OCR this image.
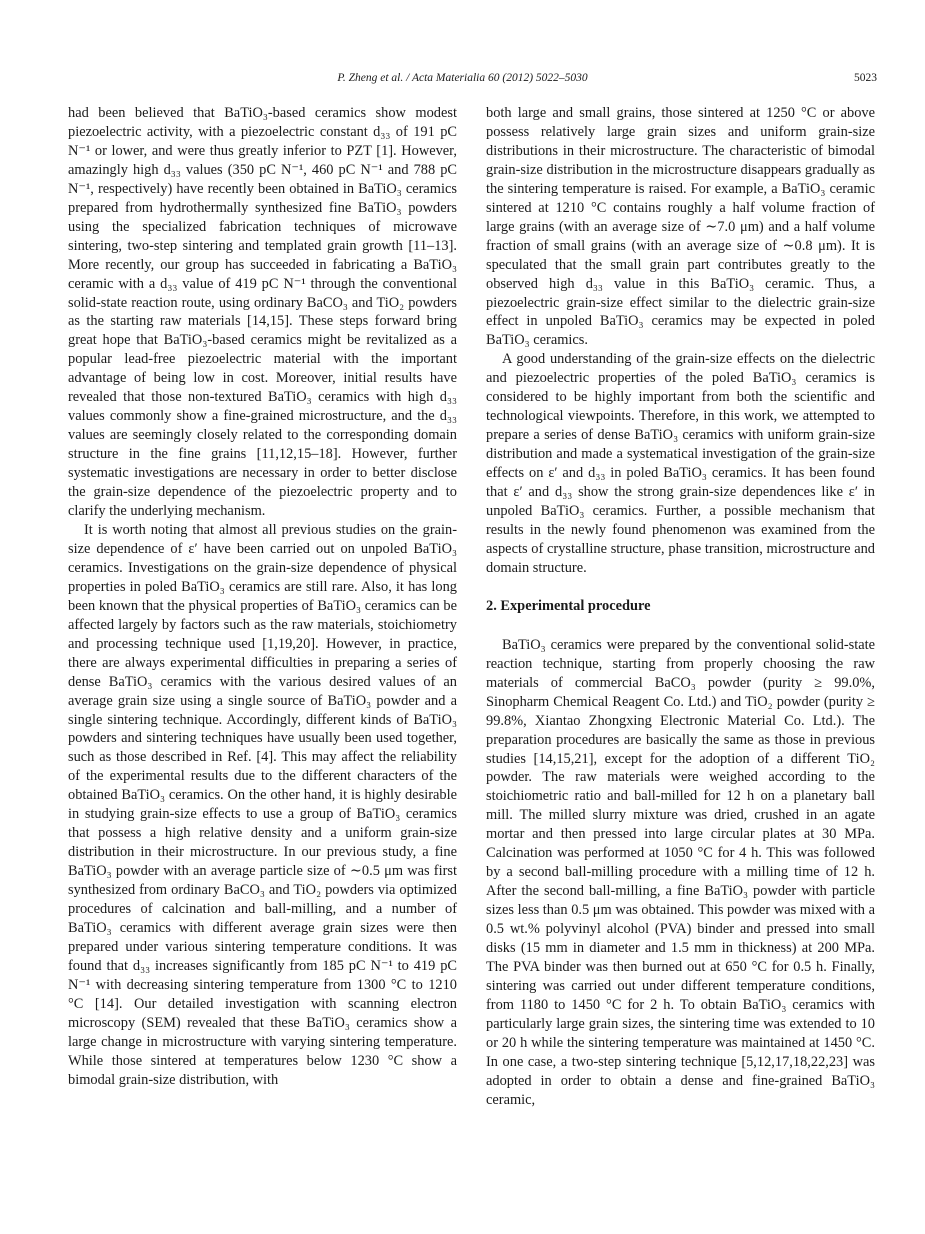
P. Zheng et al. / Acta Materialia 60 (2012) 5022–5030	5023

had been believed that BaTiO₃-based ceramics show modest piezoelectric activity, with a piezoelectric constant d₃₃ of 191 pC N⁻¹ or lower, and were thus greatly inferior to PZT [1]. However, amazingly high d₃₃ values (350 pC N⁻¹, 460 pC N⁻¹ and 788 pC N⁻¹, respectively) have recently been obtained in BaTiO₃ ceramics prepared from hydrothermally synthesized fine BaTiO₃ powders using the specialized fabrication techniques of microwave sintering, two-step sintering and templated grain growth [11–13]. More recently, our group has succeeded in fabricating a BaTiO₃ ceramic with a d₃₃ value of 419 pC N⁻¹ through the conventional solid-state reaction route, using ordinary BaCO₃ and TiO₂ powders as the starting raw materials [14,15]. These steps forward bring great hope that BaTiO₃-based ceramics might be revitalized as a popular lead-free piezoelectric material with the important advantage of being low in cost. Moreover, initial results have revealed that those non-textured BaTiO₃ ceramics with high d₃₃ values commonly show a fine-grained microstructure, and the d₃₃ values are seemingly closely related to the corresponding domain structure in the fine grains [11,12,15–18]. However, further systematic investigations are necessary in order to better disclose the grain-size dependence of the piezoelectric property and to clarify the underlying mechanism.

It is worth noting that almost all previous studies on the grain-size dependence of ε′ have been carried out on unpoled BaTiO₃ ceramics. Investigations on the grain-size dependence of physical properties in poled BaTiO₃ ceramics are still rare. Also, it has long been known that the physical properties of BaTiO₃ ceramics can be affected largely by factors such as the raw materials, stoichiometry and processing technique used [1,19,20]. However, in practice, there are always experimental difficulties in preparing a series of dense BaTiO₃ ceramics with the various desired values of an average grain size using a single source of BaTiO₃ powder and a single sintering technique. Accordingly, different kinds of BaTiO₃ powders and sintering techniques have usually been used together, such as those described in Ref. [4]. This may affect the reliability of the experimental results due to the different characters of the obtained BaTiO₃ ceramics. On the other hand, it is highly desirable in studying grain-size effects to use a group of BaTiO₃ ceramics that possess a high relative density and a uniform grain-size distribution in their microstructure. In our previous study, a fine BaTiO₃ powder with an average particle size of ∼0.5 μm was first synthesized from ordinary BaCO₃ and TiO₂ powders via optimized procedures of calcination and ball-milling, and a number of BaTiO₃ ceramics with different average grain sizes were then prepared under various sintering temperature conditions. It was found that d₃₃ increases significantly from 185 pC N⁻¹ to 419 pC N⁻¹ with decreasing sintering temperature from 1300 °C to 1210 °C [14]. Our detailed investigation with scanning electron microscopy (SEM) revealed that these BaTiO₃ ceramics show a large change in microstructure with varying sintering temperature. While those sintered at temperatures below 1230 °C show a bimodal grain-size distribution, with

both large and small grains, those sintered at 1250 °C or above possess relatively large grain sizes and uniform grain-size distributions in their microstructure. The characteristic of bimodal grain-size distribution in the microstructure disappears gradually as the sintering temperature is raised. For example, a BaTiO₃ ceramic sintered at 1210 °C contains roughly a half volume fraction of large grains (with an average size of ∼7.0 μm) and a half volume fraction of small grains (with an average size of ∼0.8 μm). It is speculated that the small grain part contributes greatly to the observed high d₃₃ value in this BaTiO₃ ceramic. Thus, a piezoelectric grain-size effect similar to the dielectric grain-size effect in unpoled BaTiO₃ ceramics may be expected in poled BaTiO₃ ceramics.

A good understanding of the grain-size effects on the dielectric and piezoelectric properties of the poled BaTiO₃ ceramics is considered to be highly important from both the scientific and technological viewpoints. Therefore, in this work, we attempted to prepare a series of dense BaTiO₃ ceramics with uniform grain-size distribution and made a systematical investigation of the grain-size effects on ε′ and d₃₃ in poled BaTiO₃ ceramics. It has been found that ε′ and d₃₃ show the strong grain-size dependences like ε′ in unpoled BaTiO₃ ceramics. Further, a possible mechanism that results in the newly found phenomenon was examined from the aspects of crystalline structure, phase transition, microstructure and domain structure.

2. Experimental procedure

BaTiO₃ ceramics were prepared by the conventional solid-state reaction technique, starting from properly choosing the raw materials of commercial BaCO₃ powder (purity ≥ 99.0%, Sinopharm Chemical Reagent Co. Ltd.) and TiO₂ powder (purity ≥ 99.8%, Xiantao Zhongxing Electronic Material Co. Ltd.). The preparation procedures are basically the same as those in previous studies [14,15,21], except for the adoption of a different TiO₂ powder. The raw materials were weighed according to the stoichiometric ratio and ball-milled for 12 h on a planetary ball mill. The milled slurry mixture was dried, crushed in an agate mortar and then pressed into large circular plates at 30 MPa. Calcination was performed at 1050 °C for 4 h. This was followed by a second ball-milling procedure with a milling time of 12 h. After the second ball-milling, a fine BaTiO₃ powder with particle sizes less than 0.5 μm was obtained. This powder was mixed with a 0.5 wt.% polyvinyl alcohol (PVA) binder and pressed into small disks (15 mm in diameter and 1.5 mm in thickness) at 200 MPa. The PVA binder was then burned out at 650 °C for 0.5 h. Finally, sintering was carried out under different temperature conditions, from 1180 to 1450 °C for 2 h. To obtain BaTiO₃ ceramics with particularly large grain sizes, the sintering time was extended to 10 or 20 h while the sintering temperature was maintained at 1450 °C. In one case, a two-step sintering technique [5,12,17,18,22,23] was adopted in order to obtain a dense and fine-grained BaTiO₃ ceramic,
